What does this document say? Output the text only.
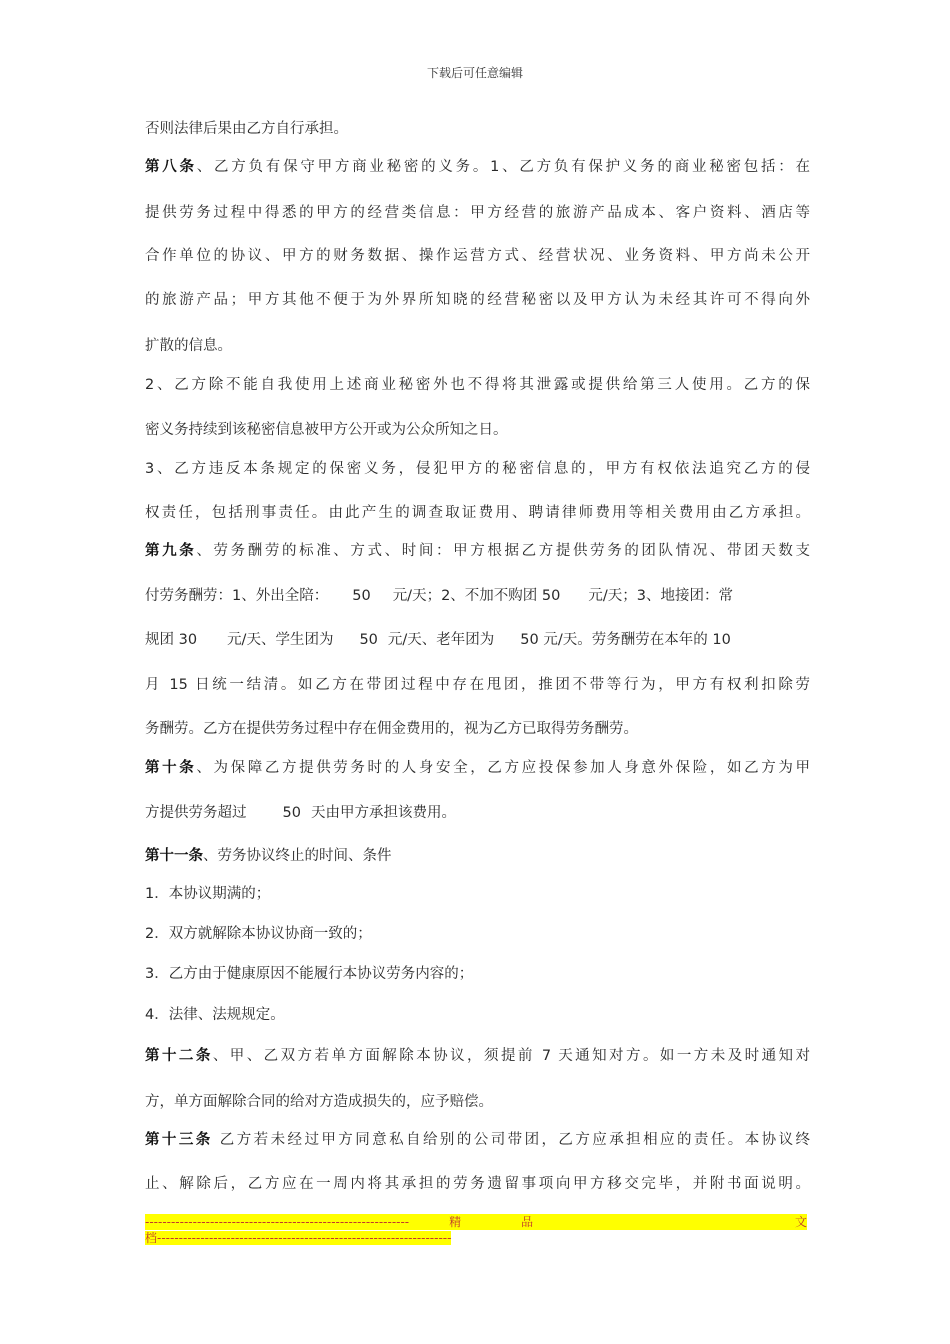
下载后可任意编辑
否则法律后果由乙方自行承担。
第八条、乙方负有保守甲方商业秘密的义务。1、乙方负有保护义务的商业秘密包括：在
提供劳务过程中得悉的甲方的经营类信息：甲方经营的旅游产品成本、客户资料、酒店等
合作单位的协议、甲方的财务数据、操作运营方式、经营状况、业务资料、甲方尚未公开
的旅游产品；甲方其他不便于为外界所知晓的经营秘密以及甲方认为未经其许可不得向外
扩散的信息。
2、乙方除不能自我使用上述商业秘密外也不得将其泄露或提供给第三人使用。乙方的保
密义务持续到该秘密信息被甲方公开或为公众所知之日。
3、乙方违反本条规定的保密义务，侵犯甲方的秘密信息的，甲方有权依法追究乙方的侵
权责任，包括刑事责任。由此产生的调查取证费用、聘请律师费用等相关费用由乙方承担。
第九条、劳务酬劳的标准、方式、时间：甲方根据乙方提供劳务的团队情况、带团天数支
付劳务酬劳：1、外出全陪： 50 元/天；2、不加不购团 50 元/天；3、地接团：常
规团 30 元/天、学生团为 50 元/天、老年团为 50 元/天。劳务酬劳在本年的 10
月 15 日统一结清。如乙方在带团过程中存在甩团，推团不带等行为，甲方有权利扣除劳
务酬劳。乙方在提供劳务过程中存在佣金费用的，视为乙方已取得劳务酬劳。
第十条、为保障乙方提供劳务时的人身安全，乙方应投保参加人身意外保险，如乙方为甲
方提供劳务超过 50 天由甲方承担该费用。
第十一条、劳务协议终止的时间、条件
1．本协议期满的；
2．双方就解除本协议协商一致的；
3．乙方由于健康原因不能履行本协议劳务内容的；
4．法律、法规规定。
第十二条、甲、乙双方若单方面解除本协议，须提前 7 天通知对方。如一方未及时通知对
方，单方面解除合同的给对方造成损失的，应予赔偿。
第十三条 乙方若未经过甲方同意私自给别的公司带团，乙方应承担相应的责任。本协议终
止、解除后，乙方应在一周内将其承担的劳务遗留事项向甲方移交完毕，并附书面说明。
-------------------------------------------------------------	精	品	文
档--------------------------------------------------------------------
